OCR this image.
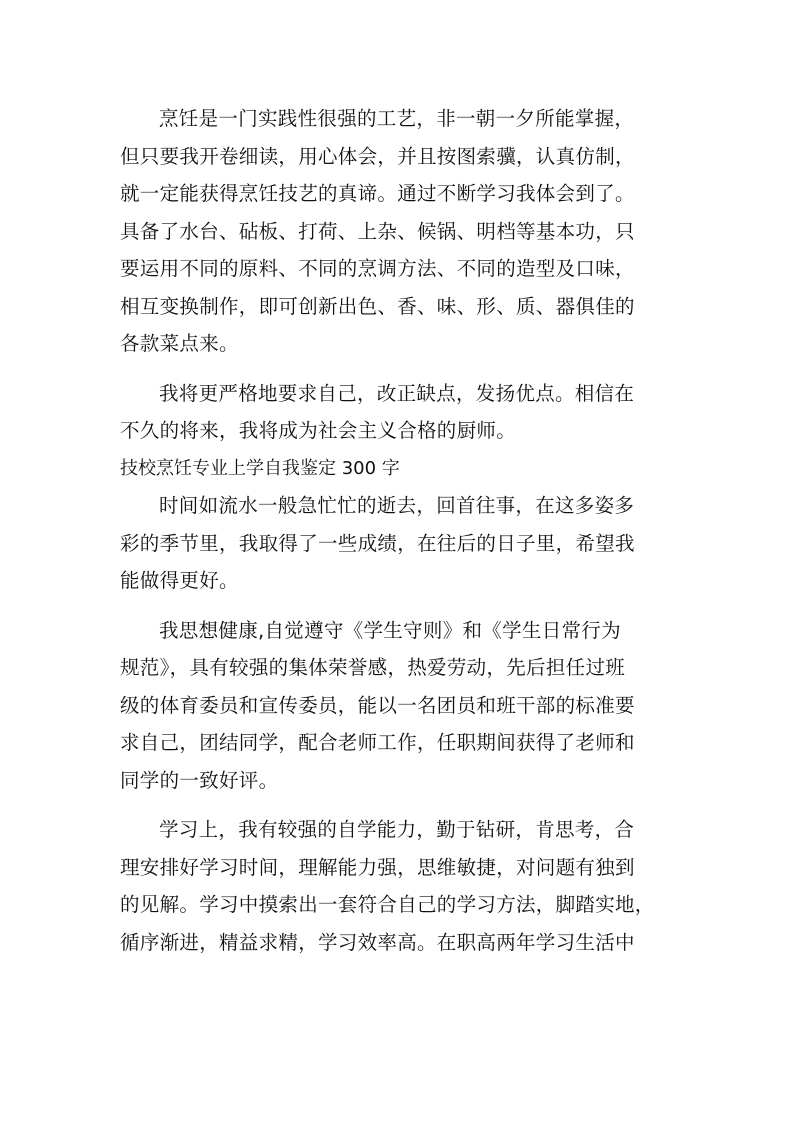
烹饪是一门实践性很强的工艺，非一朝一夕所能掌握，
但只要我开卷细读，用心体会，并且按图索骥，认真仿制，
就一定能获得烹饪技艺的真谛。通过不断学习我体会到了。
具备了水台、砧板、打荷、上杂、候锅、明档等基本功，只
要运用不同的原料、不同的烹调方法、不同的造型及口味，
相互变换制作，即可创新出色、香、味、形、质、器俱佳的
各款菜点来。

我将更严格地要求自己，改正缺点，发扬优点。相信在
不久的将来，我将成为社会主义合格的厨师。

技校烹饪专业上学自我鉴定 300 字

时间如流水一般急忙忙的逝去，回首往事，在这多姿多
彩的季节里，我取得了一些成绩，在往后的日子里，希望我
能做得更好。

我思想健康,自觉遵守《学生守则》和《学生日常行为
规范》，具有较强的集体荣誉感，热爱劳动，先后担任过班
级的体育委员和宣传委员，能以一名团员和班干部的标准要
求自己，团结同学，配合老师工作，任职期间获得了老师和
同学的一致好评。

学习上，我有较强的自学能力，勤于钻研，肯思考，合
理安排好学习时间，理解能力强，思维敏捷，对问题有独到
的见解。学习中摸索出一套符合自己的学习方法，脚踏实地，
循序渐进，精益求精，学习效率高。在职高两年学习生活中
